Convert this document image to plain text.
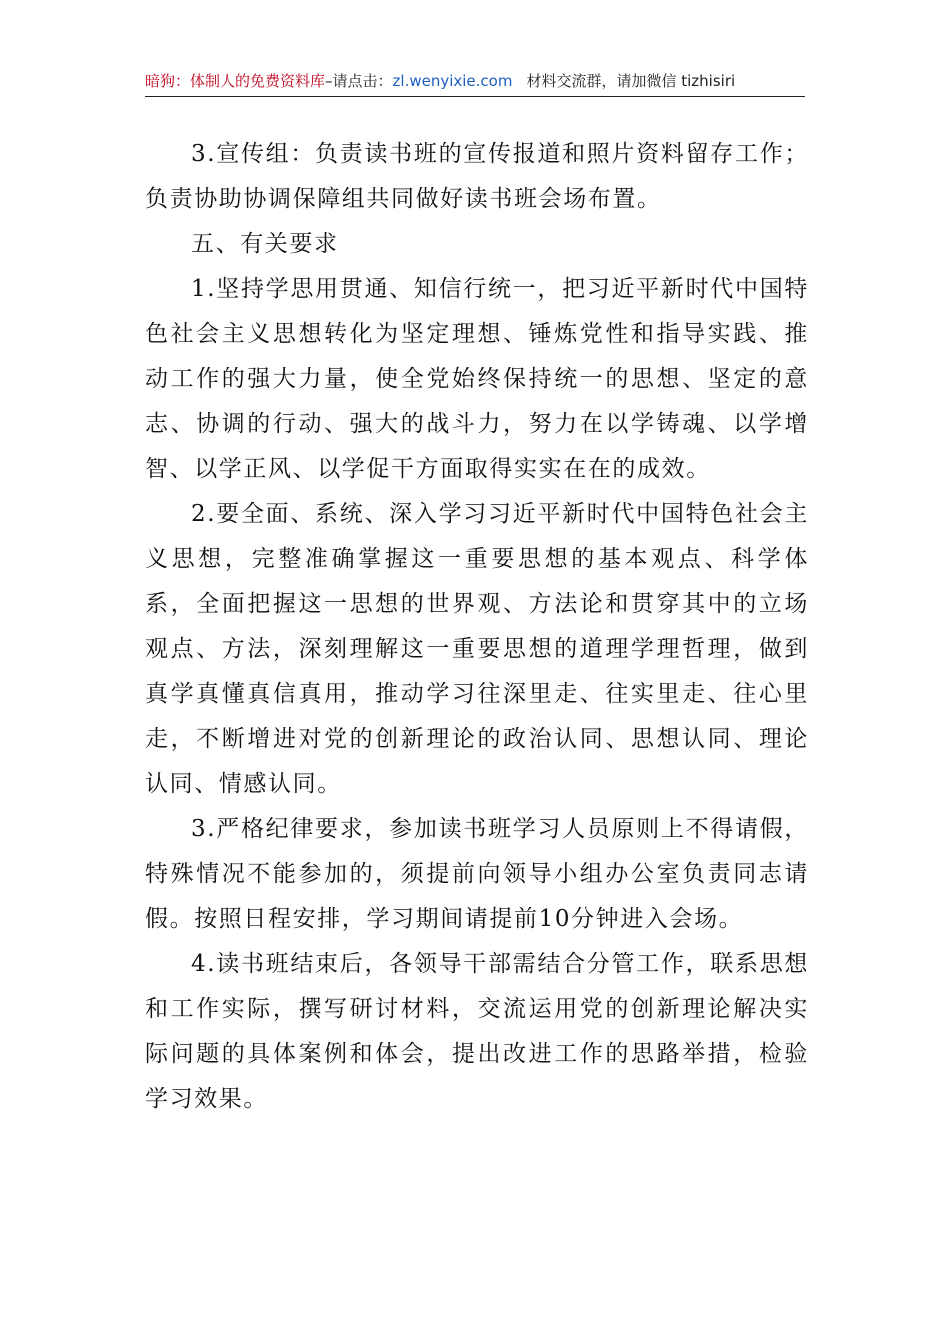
暗狗：体制人的免费资料库–请点击：zl.wenyixie.com 材料交流群，请加微信 tizhisiri

3.宣传组：负责读书班的宣传报道和照片资料留存工作；负责协助协调保障组共同做好读书班会场布置。

五、有关要求

1.坚持学思用贯通、知信行统一，把习近平新时代中国特色社会主义思想转化为坚定理想、锤炼党性和指导实践、推动工作的强大力量，使全党始终保持统一的思想、坚定的意志、协调的行动、强大的战斗力，努力在以学铸魂、以学增智、以学正风、以学促干方面取得实实在在的成效。

2.要全面、系统、深入学习习近平新时代中国特色社会主义思想，完整准确掌握这一重要思想的基本观点、科学体系，全面把握这一思想的世界观、方法论和贯穿其中的立场观点、方法，深刻理解这一重要思想的道理学理哲理，做到真学真懂真信真用，推动学习往深里走、往实里走、往心里走，不断增进对党的创新理论的政治认同、思想认同、理论认同、情感认同。

3.严格纪律要求，参加读书班学习人员原则上不得请假，特殊情况不能参加的，须提前向领导小组办公室负责同志请假。按照日程安排，学习期间请提前10分钟进入会场。

4.读书班结束后，各领导干部需结合分管工作，联系思想和工作实际，撰写研讨材料，交流运用党的创新理论解决实际问题的具体案例和体会，提出改进工作的思路举措，检验学习效果。
